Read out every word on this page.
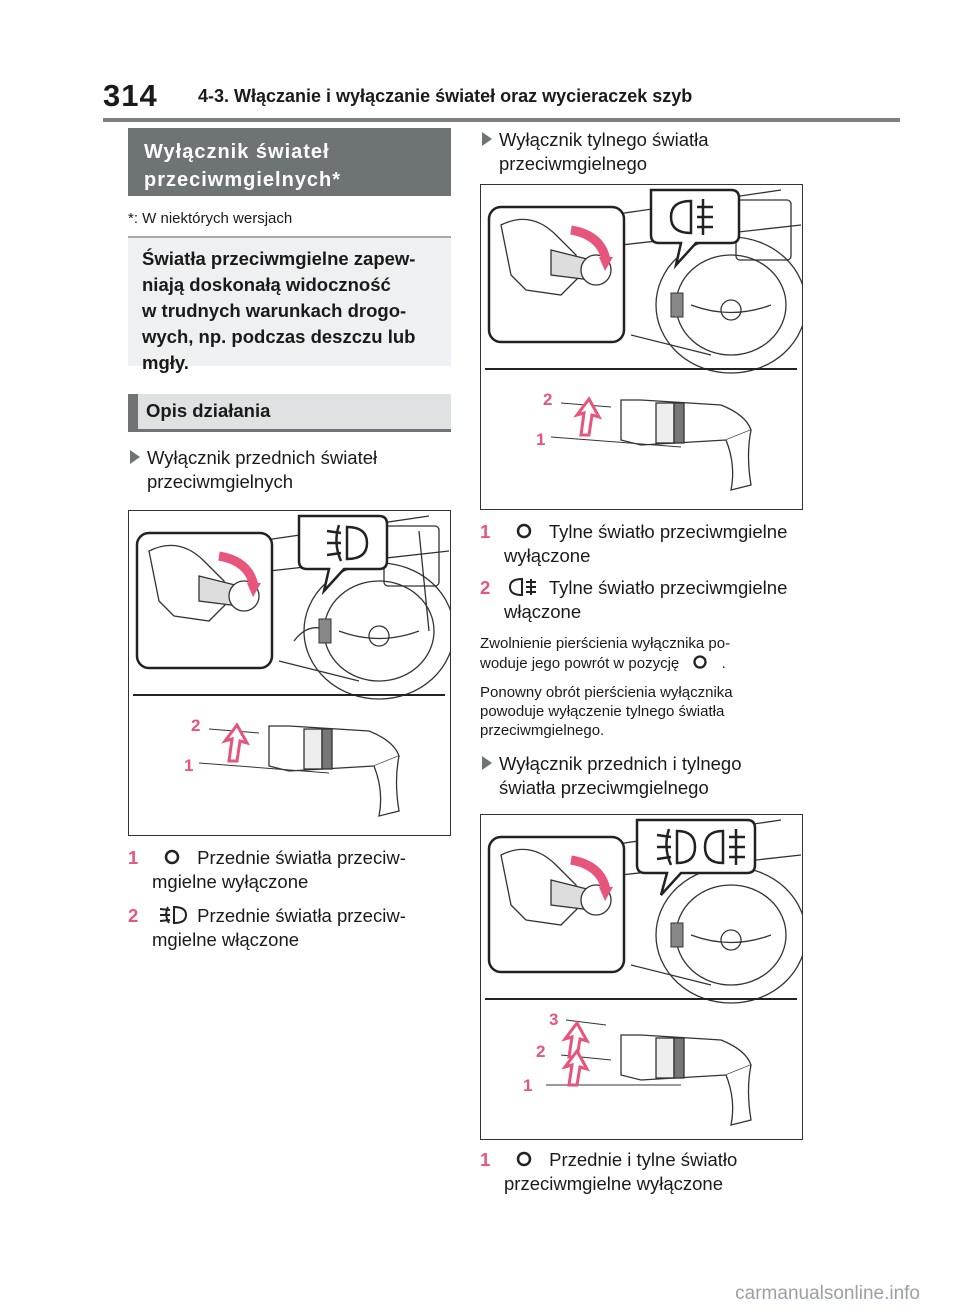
314 4-3. Włączanie i wyłączanie świateł oraz wycieraczek szyb
Wyłącznik świateł
przeciwmgielnych*
*: W niektórych wersjach
Światła przeciwmgielne zapew-
niają doskonałą widoczność
w trudnych warunkach drogo-
wych, np. podczas deszczu lub
mgły.
Opis działania
Wyłącznik przednich świateł
przeciwmgielnych
2
1
1	Przednie światła przeciw-
mgielne wyłączone
2	Przednie światła przeciw-
mgielne włączone
Wyłącznik tylnego światła
przeciwmgielnego
2
1
1	Tylne światło przeciwmgielne
wyłączone
2	Tylne światło przeciwmgielne
włączone
Zwolnienie pierścienia wyłącznika po-
woduje jego powrót w pozycję	.
Ponowny obrót pierścienia wyłącznika
powoduje wyłączenie tylnego światła
przeciwmgielnego.
Wyłącznik przednich i tylnego
światła przeciwmgielnego
3
2
1
1	Przednie i tylne światło
przeciwmgielne wyłączone
carmanualsonline.info
